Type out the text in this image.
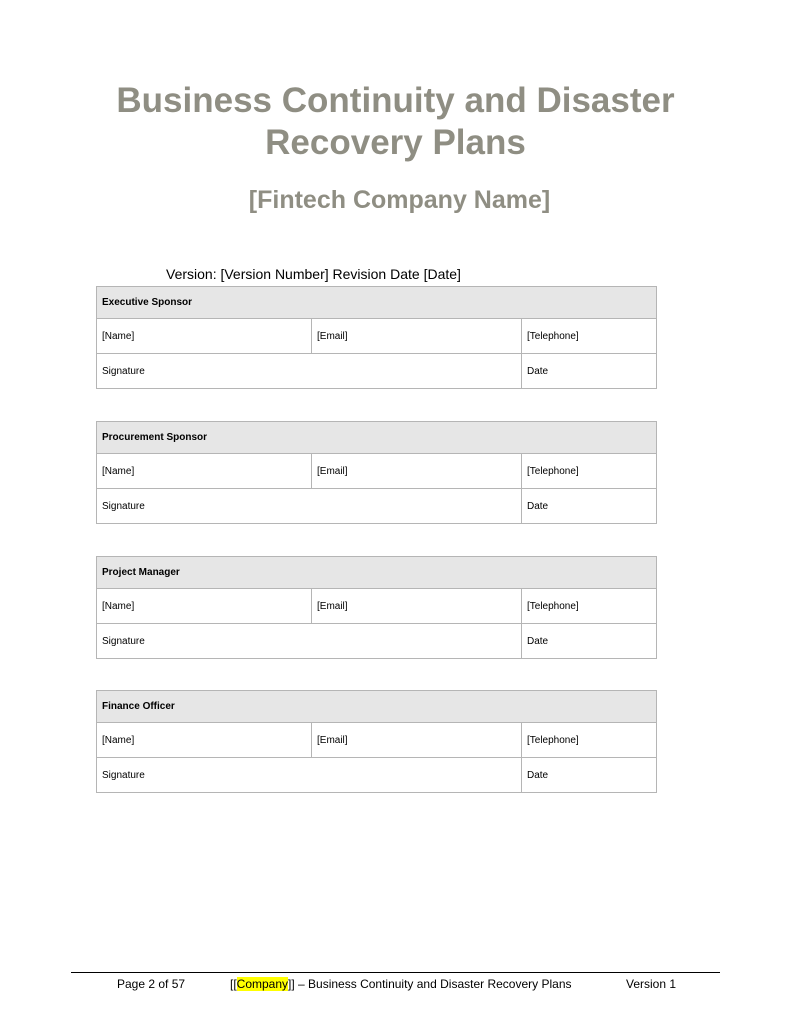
Business Continuity and Disaster
Recovery Plans
[Fintech Company Name]
Version: [Version Number] Revision Date [Date]
Executive Sponsor		
[Name]	[Email]	[Telephone]
Signature		Date
Procurement Sponsor		
[Name]	[Email]	[Telephone]
Signature		Date
Project Manager		
[Name]	[Email]	[Telephone]
Signature		Date
Finance Officer		
[Name]	[Email]	[Telephone]
Signature		Date
Page 2 of 57	[[Company]] – Business Continuity and Disaster Recovery Plans	Version 1
